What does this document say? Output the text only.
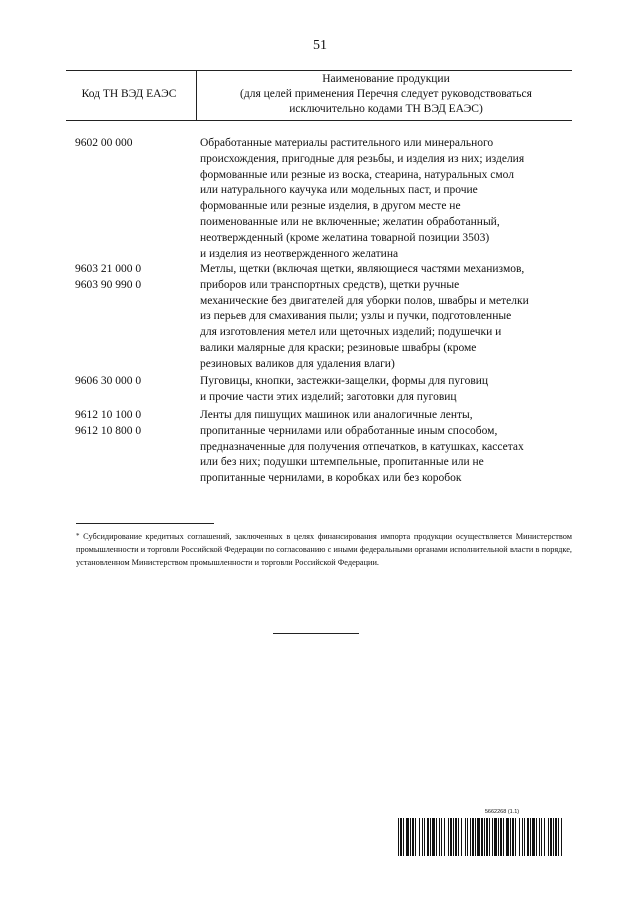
51
Код ТН ВЭД ЕАЭС
Наименование продукции
(для целей применения Перечня следует руководствоваться
исключительно кодами ТН ВЭД ЕАЭС)
9602 00 000	Обработанные материалы растительного или минерального
происхождения, пригодные для резьбы, и изделия из них; изделия
формованные или резные из воска, стеарина, натуральных смол
или натурального каучука или модельных паст, и прочие
формованные или резные изделия, в другом месте не
поименованные или не включенные; желатин обработанный,
неотвержденный (кроме желатина товарной позиции 3503)
и изделия из неотвержденного желатина
9603 21 000 0
9603 90 990 0
Метлы, щетки (включая щетки, являющиеся частями механизмов,
приборов или транспортных средств), щетки ручные
механические без двигателей для уборки полов, швабры и метелки
из перьев для смахивания пыли; узлы и пучки, подготовленные
для изготовления метел или щеточных изделий; подушечки и
валики малярные для краски; резиновые швабры (кроме
резиновых валиков для удаления влаги)
9606 30 000 0	Пуговицы, кнопки, застежки-защелки, формы для пуговиц
и прочие части этих изделий; заготовки для пуговиц
9612 10 100 0
9612 10 800 0
Ленты для пишущих машинок или аналогичные ленты,
пропитанные чернилами или обработанные иным способом,
предназначенные для получения отпечатков, в катушках, кассетах
или без них; подушки штемпельные, пропитанные или не
пропитанные чернилами, в коробках или без коробок
* Субсидирование кредитных соглашений, заключенных в целях финансирования импорта продукции осуществляется Министерством промышленности и торговли Российской Федерации по согласованию с иными федеральными органами исполнительной власти в порядке, установленном Министерством промышленности и торговли Российской Федерации.
5662268 (1.1)
